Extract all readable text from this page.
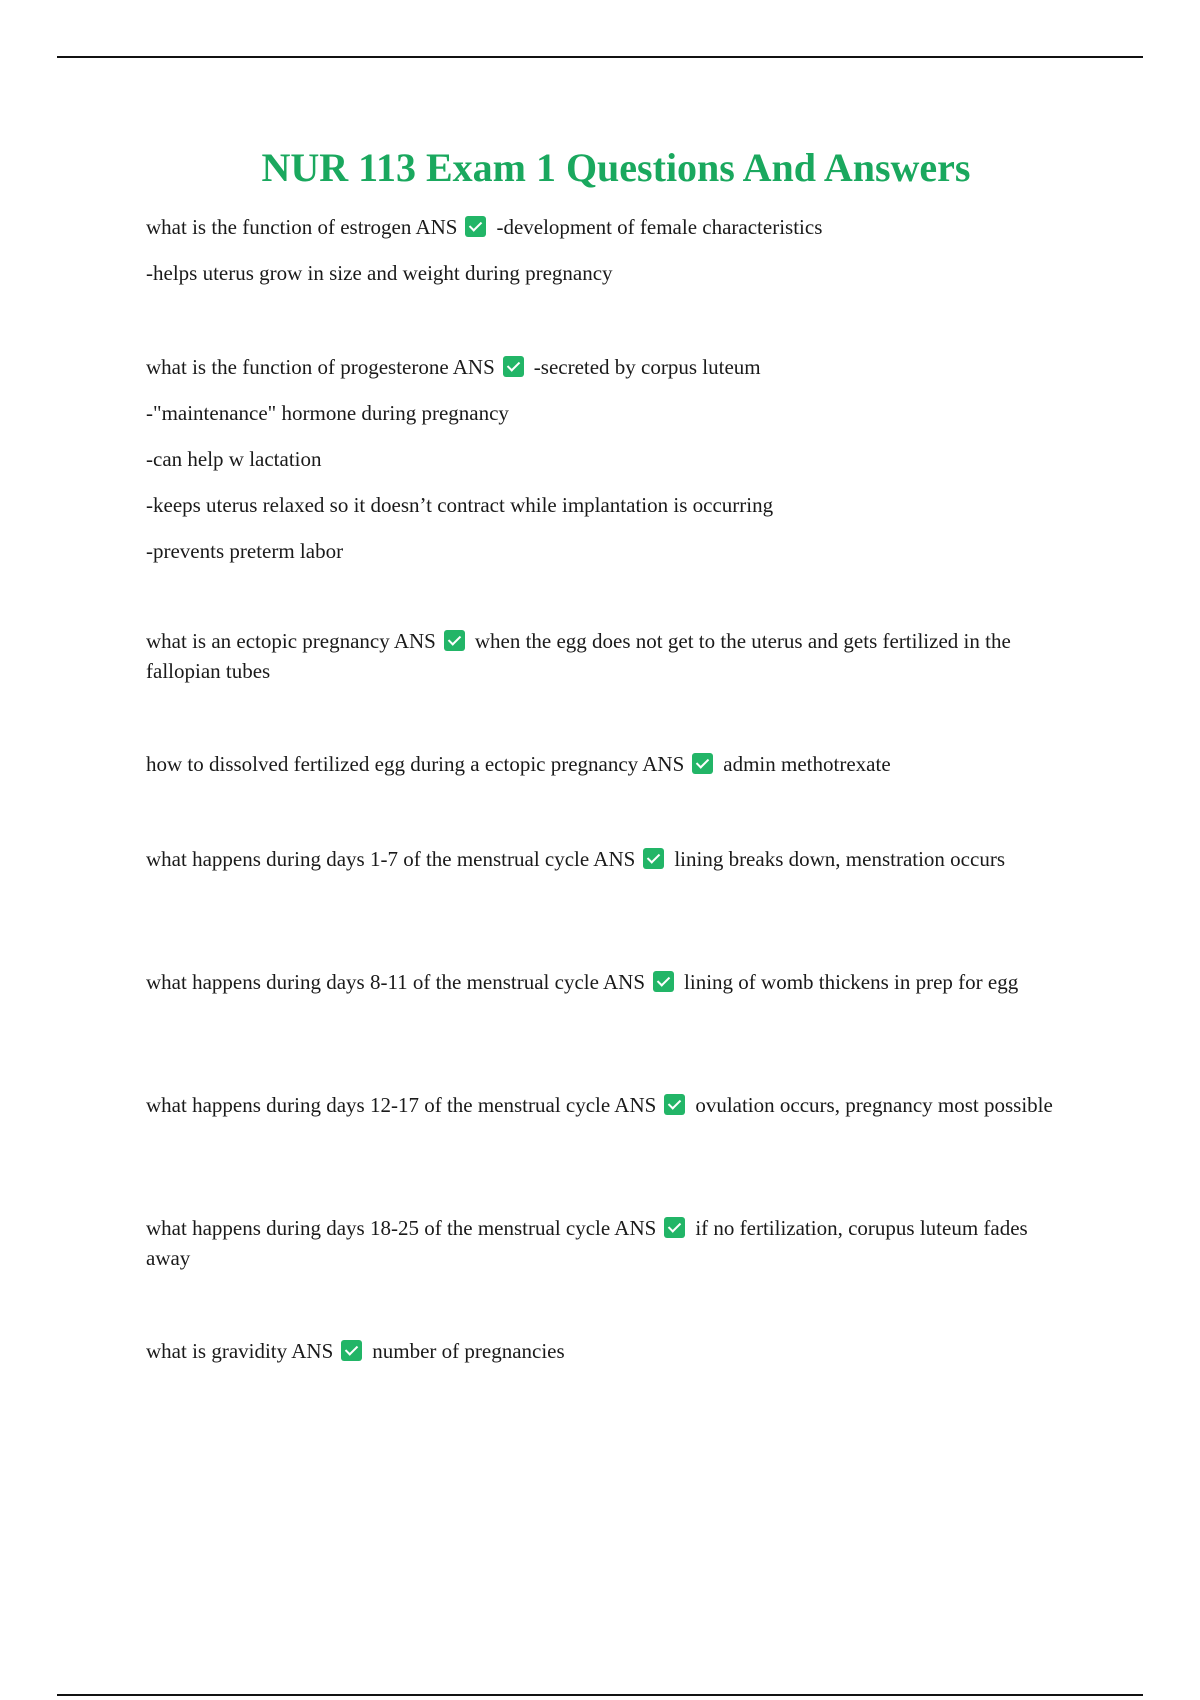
NUR 113 Exam 1 Questions And Answers

what is the function of estrogen ANS -development of female characteristics

-helps uterus grow in size and weight during pregnancy

what is the function of progesterone ANS -secreted by corpus luteum

-"maintenance" hormone during pregnancy

-can help w lactation

-keeps uterus relaxed so it doesn’t contract while implantation is occurring

-prevents preterm labor

what is an ectopic pregnancy ANS when the egg does not get to the uterus and gets fertilized in the fallopian tubes

how to dissolved fertilized egg during a ectopic pregnancy ANS admin methotrexate

what happens during days 1-7 of the menstrual cycle ANS lining breaks down, menstration occurs

what happens during days 8-11 of the menstrual cycle ANS lining of womb thickens in prep for egg

what happens during days 12-17 of the menstrual cycle ANS ovulation occurs, pregnancy most possible

what happens during days 18-25 of the menstrual cycle ANS if no fertilization, corupus luteum fades away

what is gravidity ANS number of pregnancies
